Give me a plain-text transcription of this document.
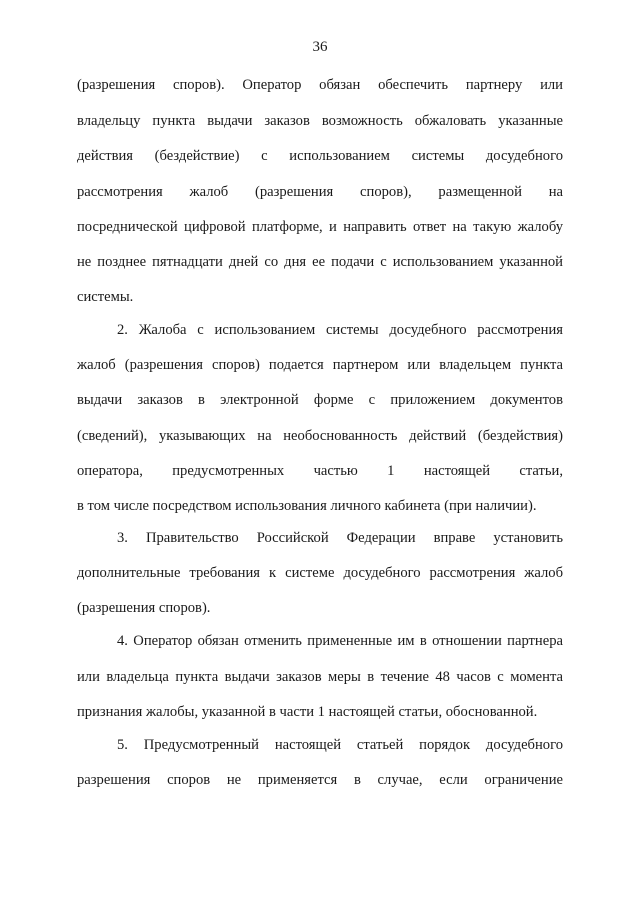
36
(разрешения споров). Оператор обязан обеспечить партнеру или
владельцу пункта выдачи заказов возможность обжаловать указанные
действия (бездействие) с использованием системы досудебного
рассмотрения жалоб (разрешения споров), размещенной на
посреднической цифровой платформе, и направить ответ на такую жалобу
не позднее пятнадцати дней со дня ее подачи с использованием указанной
системы.
2. Жалоба с использованием системы досудебного рассмотрения
жалоб (разрешения споров) подается партнером или владельцем пункта
выдачи заказов в электронной форме с приложением документов
(сведений), указывающих на необоснованность действий (бездействия)
оператора, предусмотренных частью 1 настоящей статьи,
в том числе посредством использования личного кабинета (при наличии).
3. Правительство Российской Федерации вправе установить
дополнительные требования к системе досудебного рассмотрения жалоб
(разрешения споров).
4. Оператор обязан отменить примененные им в отношении партнера
или владельца пункта выдачи заказов меры в течение 48 часов с момента
признания жалобы, указанной в части 1 настоящей статьи, обоснованной.
5. Предусмотренный настоящей статьей порядок досудебного
разрешения споров не применяется в случае, если ограничение
